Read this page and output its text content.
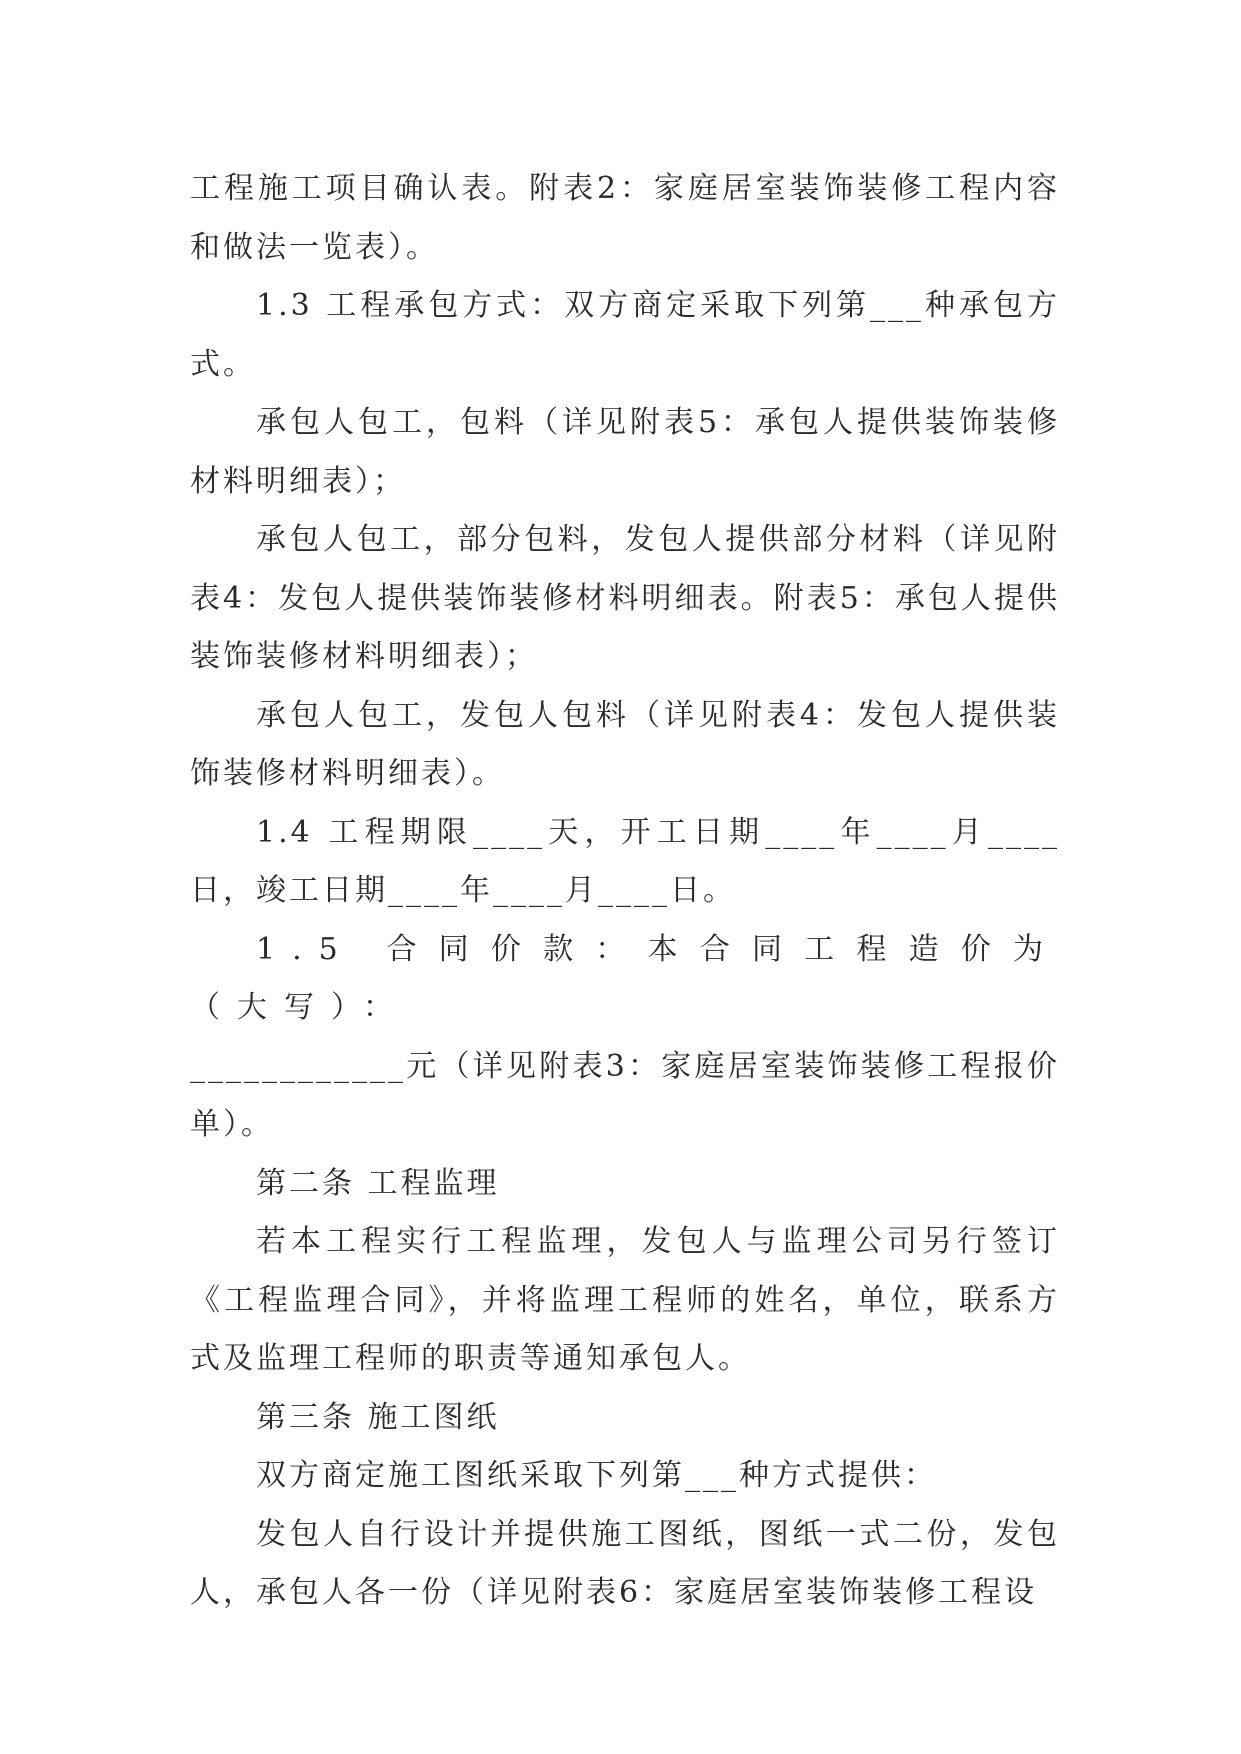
工程施工项目确认表。附表2：家庭居室装饰装修工程内容和做法一览表）。

1.3 工程承包方式：双方商定采取下列第___种承包方式。

承包人包工，包料（详见附表5：承包人提供装饰装修材料明细表）；

承包人包工，部分包料，发包人提供部分材料（详见附表4：发包人提供装饰装修材料明细表。附表5：承包人提供装饰装修材料明细表）；

承包人包工，发包人包料（详见附表4：发包人提供装饰装修材料明细表）。

1.4 工程期限____天，开工日期____年____月____日，竣工日期____年____月____日。

1.5 合同价款：本合同工程造价为（大写）：

____________元（详见附表3：家庭居室装饰装修工程报价单）。

第二条 工程监理

若本工程实行工程监理，发包人与监理公司另行签订《工程监理合同》，并将监理工程师的姓名，单位，联系方式及监理工程师的职责等通知承包人。

第三条 施工图纸

双方商定施工图纸采取下列第___种方式提供：

发包人自行设计并提供施工图纸，图纸一式二份，发包人，承包人各一份（详见附表6：家庭居室装饰装修工程设
